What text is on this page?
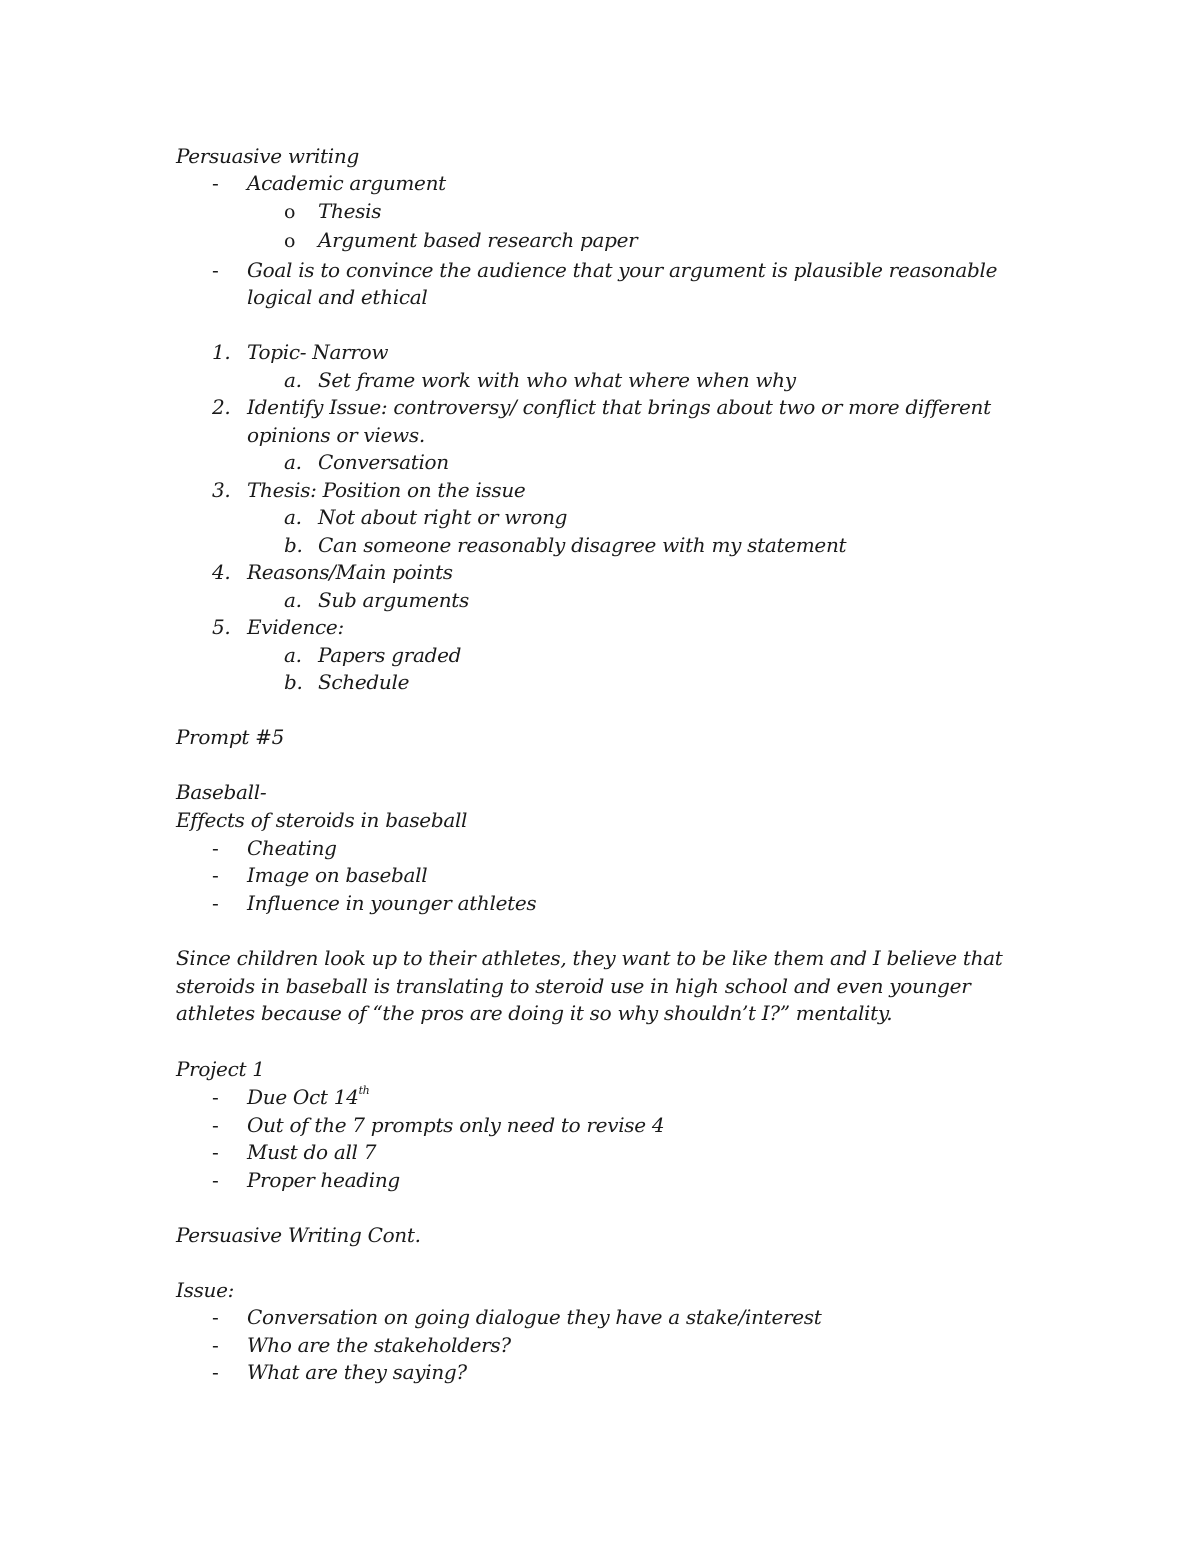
Persuasive writing
- Academic argument
o Thesis
o Argument based research paper
- Goal is to convince the audience that your argument is plausible reasonable
logical and ethical
1. Topic- Narrow
a. Set frame work with who what where when why
2. Identify Issue: controversy/ conflict that brings about two or more different
opinions or views.
a. Conversation
3. Thesis: Position on the issue
a. Not about right or wrong
b. Can someone reasonably disagree with my statement
4. Reasons/Main points
a. Sub arguments
5. Evidence:
a. Papers graded
b. Schedule
Prompt #5
Baseball-
Effects of steroids in baseball
- Cheating
- Image on baseball
- Influence in younger athletes
Since children look up to their athletes, they want to be like them and I believe that
steroids in baseball is translating to steroid use in high school and even younger
athletes because of “the pros are doing it so why shouldn’t I?” mentality.
Project 1
- Due Oct 14th
- Out of the 7 prompts only need to revise 4
- Must do all 7
- Proper heading
Persuasive Writing Cont.
Issue:
- Conversation on going dialogue they have a stake/interest
- Who are the stakeholders?
- What are they saying?
